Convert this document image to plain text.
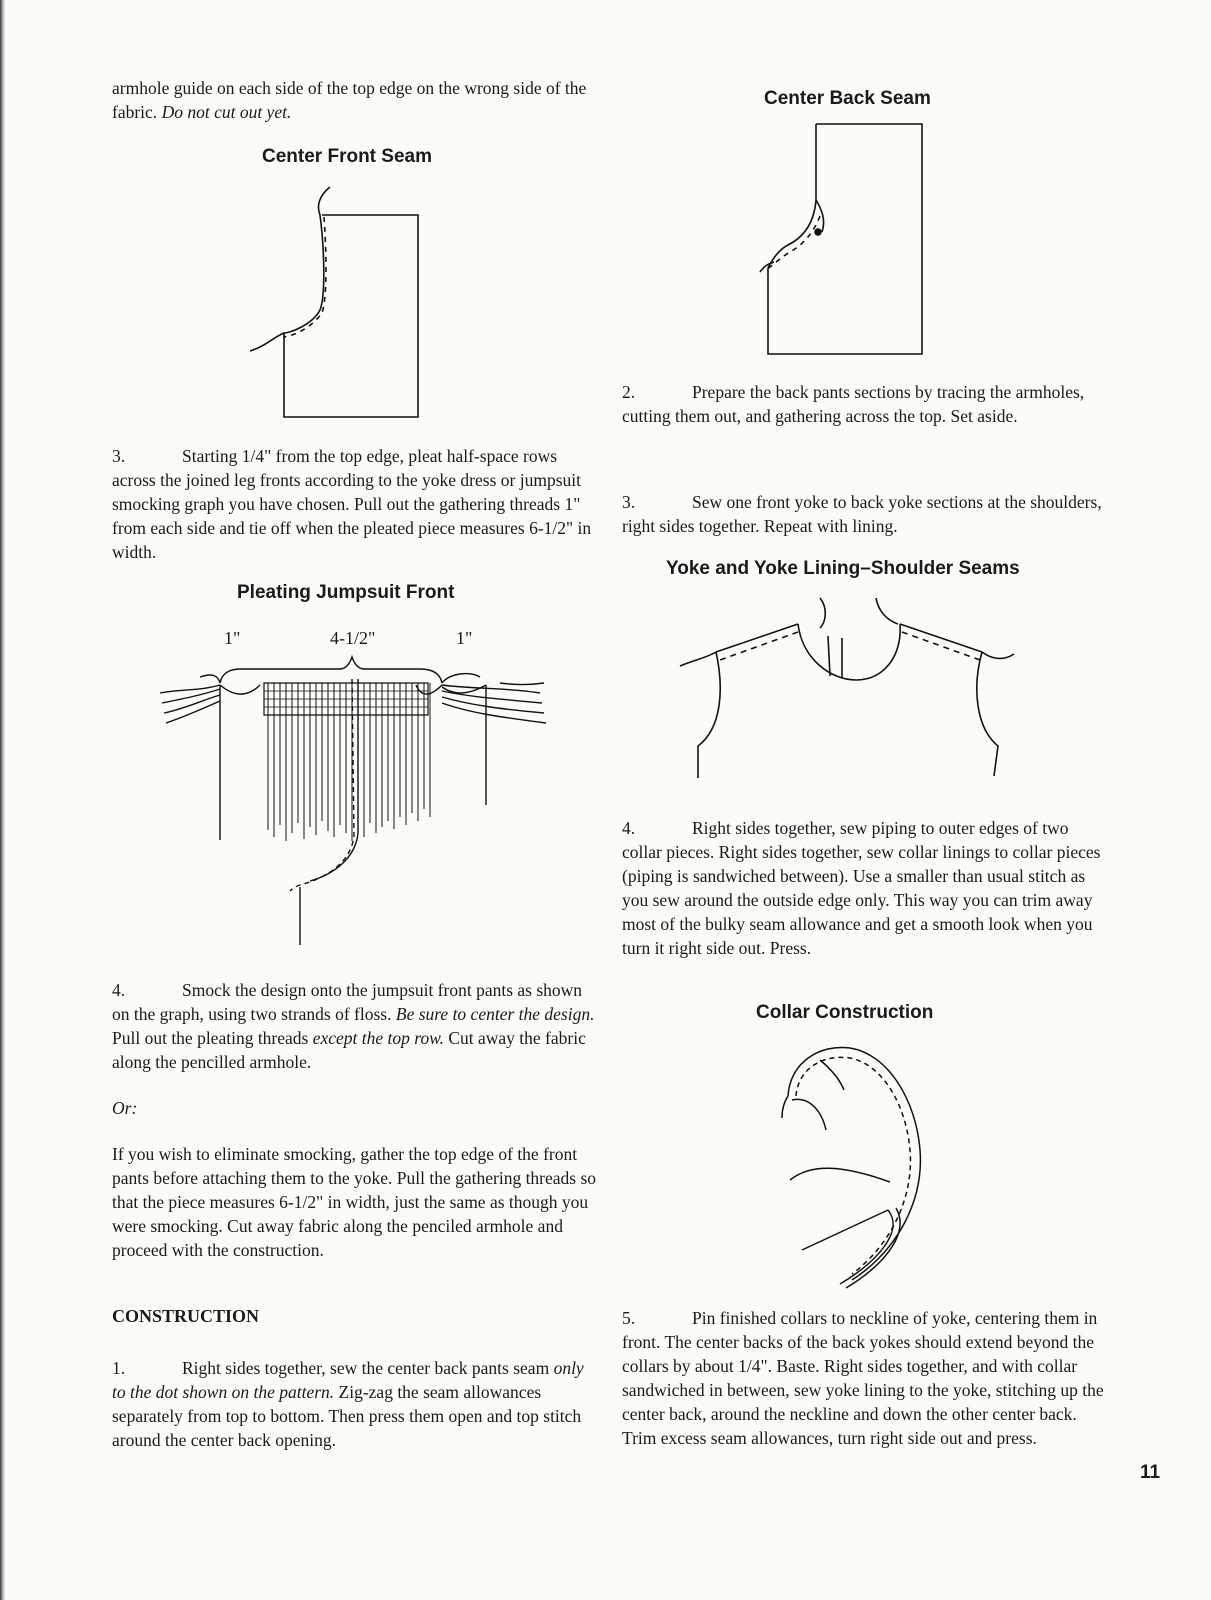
armhole guide on each side of the top edge on the wrong side of the fabric. Do not cut out yet.

Center Front Seam

3.	Starting 1/4" from the top edge, pleat half-space rows across the joined leg fronts according to the yoke dress or jumpsuit smocking graph you have chosen. Pull out the gathering threads 1" from each side and tie off when the pleated piece measures 6-1/2" in width.

Pleating Jumpsuit Front
1"	4-1/2"	1"

4.	Smock the design onto the jumpsuit front pants as shown on the graph, using two strands of floss. Be sure to center the design. Pull out the pleating threads except the top row. Cut away the fabric along the pencilled armhole.

Or:

If you wish to eliminate smocking, gather the top edge of the front pants before attaching them to the yoke. Pull the gathering threads so that the piece measures 6-1/2" in width, just the same as though you were smocking. Cut away fabric along the penciled armhole and proceed with the construction.

CONSTRUCTION

1.	Right sides together, sew the center back pants seam only to the dot shown on the pattern. Zig-zag the seam allowances separately from top to bottom. Then press them open and top stitch around the center back opening.

Center Back Seam

2.	Prepare the back pants sections by tracing the armholes, cutting them out, and gathering across the top. Set aside.

3.	Sew one front yoke to back yoke sections at the shoulders, right sides together. Repeat with lining.

Yoke and Yoke Lining–Shoulder Seams

4.	Right sides together, sew piping to outer edges of two collar pieces. Right sides together, sew collar linings to collar pieces (piping is sandwiched between). Use a smaller than usual stitch as you sew around the outside edge only. This way you can trim away most of the bulky seam allowance and get a smooth look when you turn it right side out. Press.

Collar Construction

5.	Pin finished collars to neckline of yoke, centering them in front. The center backs of the back yokes should extend beyond the collars by about 1/4". Baste. Right sides together, and with collar sandwiched in between, sew yoke lining to the yoke, stitching up the center back, around the neckline and down the other center back. Trim excess seam allowances, turn right side out and press.

11
